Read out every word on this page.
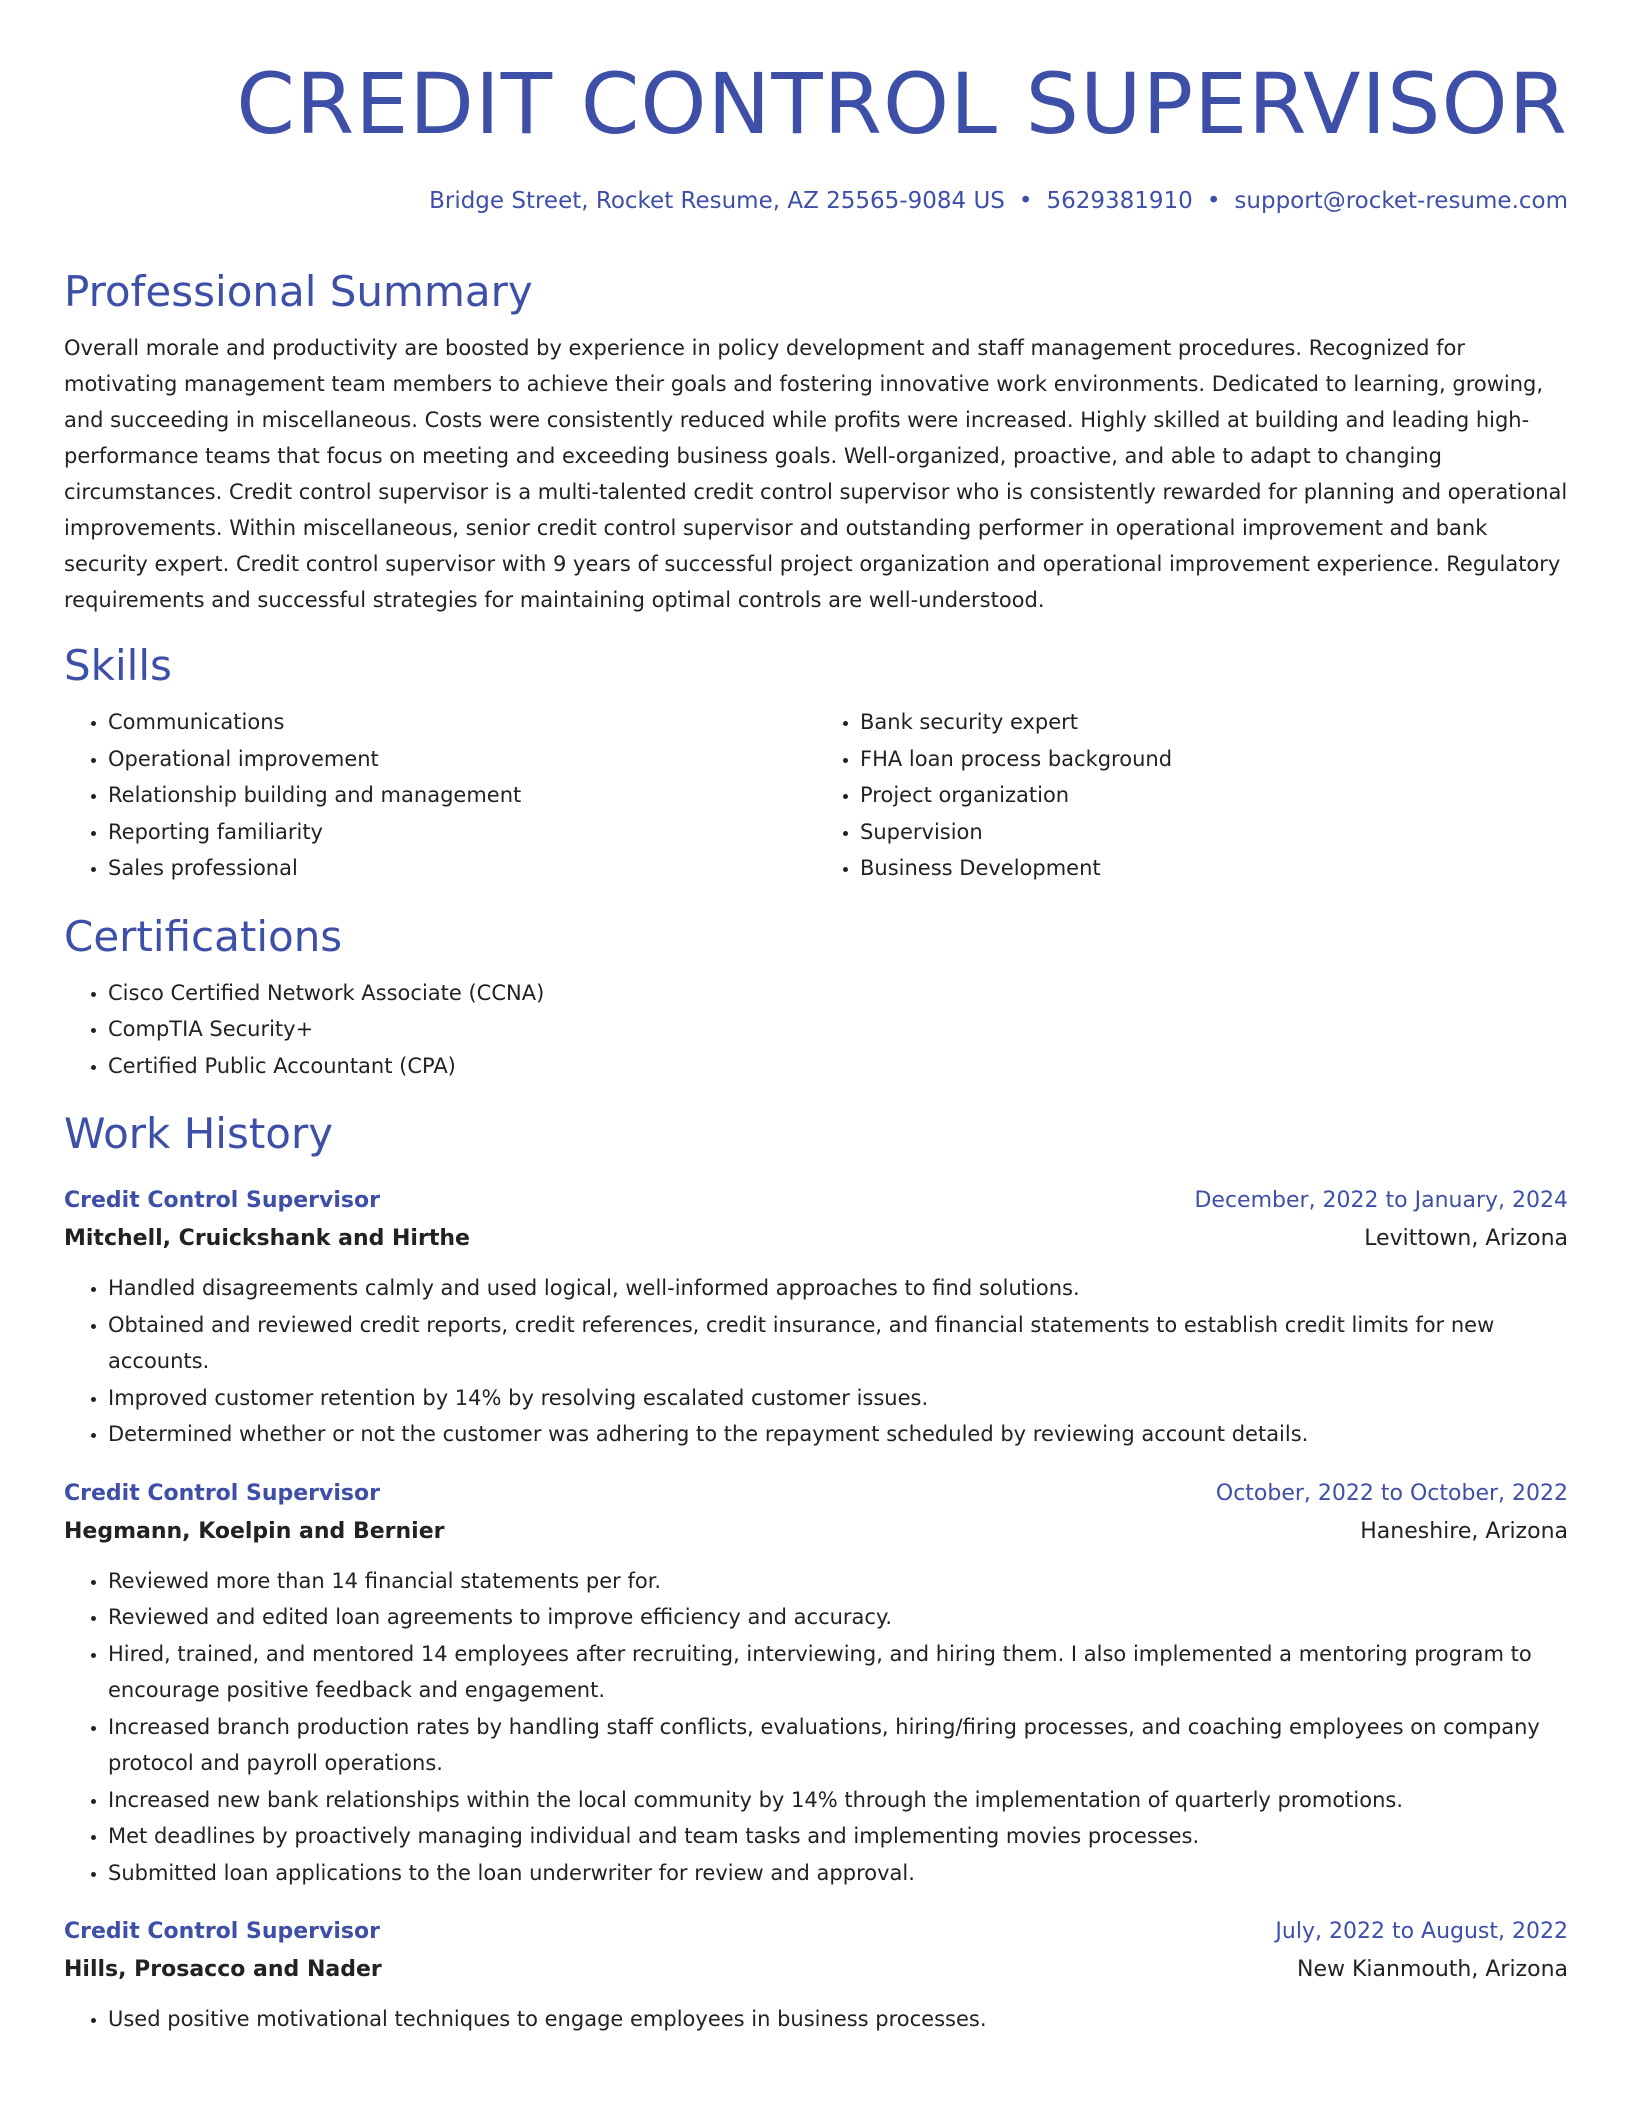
CREDIT CONTROL SUPERVISOR
Bridge Street, Rocket Resume, AZ 25565-9084 US • 5629381910 • support@rocket-resume.com
Professional Summary
Overall morale and productivity are boosted by experience in policy development and staff management procedures. Recognized for motivating management team members to achieve their goals and fostering innovative work environments. Dedicated to learning, growing, and succeeding in miscellaneous. Costs were consistently reduced while profits were increased. Highly skilled at building and leading high-performance teams that focus on meeting and exceeding business goals. Well-organized, proactive, and able to adapt to changing circumstances. Credit control supervisor is a multi-talented credit control supervisor who is consistently rewarded for planning and operational improvements. Within miscellaneous, senior credit control supervisor and outstanding performer in operational improvement and bank security expert. Credit control supervisor with 9 years of successful project organization and operational improvement experience. Regulatory requirements and successful strategies for maintaining optimal controls are well-understood.
Skills
• Communications
• Operational improvement
• Relationship building and management
• Reporting familiarity
• Sales professional
• Bank security expert
• FHA loan process background
• Project organization
• Supervision
• Business Development
Certifications
• Cisco Certified Network Associate (CCNA)
• CompTIA Security+
• Certified Public Accountant (CPA)
Work History
Credit Control Supervisor	December, 2022 to January, 2024
Mitchell, Cruickshank and Hirthe	Levittown, Arizona
• Handled disagreements calmly and used logical, well-informed approaches to find solutions.
• Obtained and reviewed credit reports, credit references, credit insurance, and financial statements to establish credit limits for new accounts.
• Improved customer retention by 14% by resolving escalated customer issues.
• Determined whether or not the customer was adhering to the repayment scheduled by reviewing account details.
Credit Control Supervisor	October, 2022 to October, 2022
Hegmann, Koelpin and Bernier	Haneshire, Arizona
• Reviewed more than 14 financial statements per for.
• Reviewed and edited loan agreements to improve efficiency and accuracy.
• Hired, trained, and mentored 14 employees after recruiting, interviewing, and hiring them. I also implemented a mentoring program to encourage positive feedback and engagement.
• Increased branch production rates by handling staff conflicts, evaluations, hiring/firing processes, and coaching employees on company protocol and payroll operations.
• Increased new bank relationships within the local community by 14% through the implementation of quarterly promotions.
• Met deadlines by proactively managing individual and team tasks and implementing movies processes.
• Submitted loan applications to the loan underwriter for review and approval.
Credit Control Supervisor	July, 2022 to August, 2022
Hills, Prosacco and Nader	New Kianmouth, Arizona
• Used positive motivational techniques to engage employees in business processes.
